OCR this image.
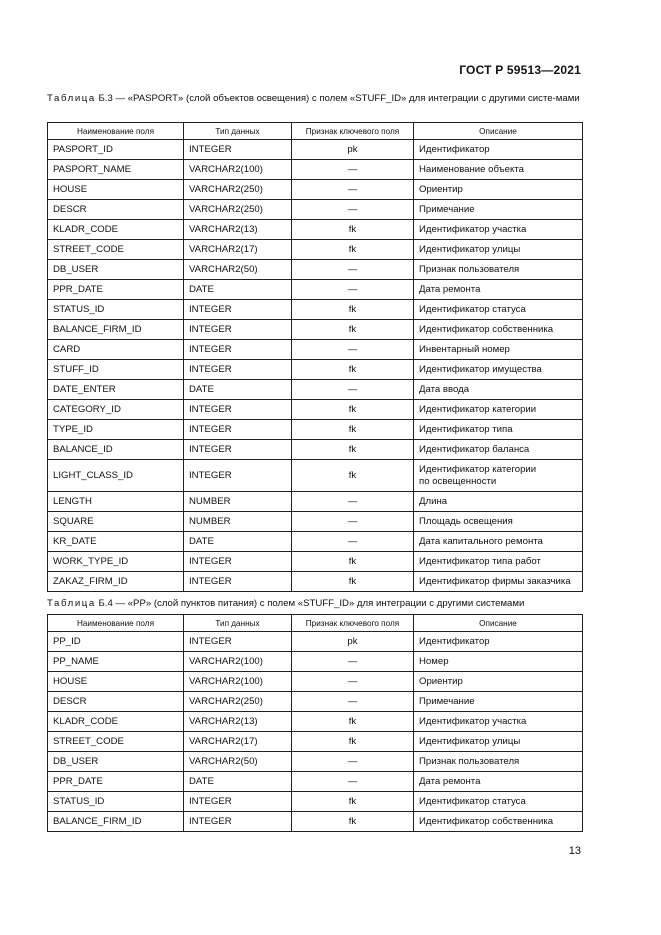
ГОСТ Р 59513—2021
Таблица Б.3 — «PASPORT» (слой объектов освещения) с полем «STUFF_ID» для интеграции с другими систе-мами
Наименование поля	Тип данных	Признак ключевого поля	Описание
PASPORT_ID	INTEGER	pk	Идентификатор
PASPORT_NAME	VARCHAR2(100)	—	Наименование объекта
HOUSE	VARCHAR2(250)	—	Ориентир
DESCR	VARCHAR2(250)	—	Примечание
KLADR_CODE	VARCHAR2(13)	fk	Идентификатор участка
STREET_CODE	VARCHAR2(17)	fk	Идентификатор улицы
DB_USER	VARCHAR2(50)	—	Признак пользователя
PPR_DATE	DATE	—	Дата ремонта
STATUS_ID	INTEGER	fk	Идентификатор статуса
BALANCE_FIRM_ID	INTEGER	fk	Идентификатор собственника
CARD	INTEGER	—	Инвентарный номер
STUFF_ID	INTEGER	fk	Идентификатор имущества
DATE_ENTER	DATE	—	Дата ввода
CATEGORY_ID	INTEGER	fk	Идентификатор категории
TYPE_ID	INTEGER	fk	Идентификатор типа
BALANCE_ID	INTEGER	fk	Идентификатор баланса
LIGHT_CLASS_ID	INTEGER	fk	Идентификатор категории
по освещенности
LENGTH	NUMBER	—	Длина
SQUARE	NUMBER	—	Площадь освещения
KR_DATE	DATE	—	Дата капитального ремонта
WORK_TYPE_ID	INTEGER	fk	Идентификатор типа работ
ZAKAZ_FIRM_ID	INTEGER	fk	Идентификатор фирмы заказчика
Таблица Б.4 — «PP» (слой пунктов питания) с полем «STUFF_ID» для интеграции с другими системами
Наименование поля	Тип данных	Признак ключевого поля	Описание
PP_ID	INTEGER	pk	Идентификатор
PP_NAME	VARCHAR2(100)	—	Номер
HOUSE	VARCHAR2(100)	—	Ориентир
DESCR	VARCHAR2(250)	—	Примечание
KLADR_CODE	VARCHAR2(13)	fk	Идентификатор участка
STREET_CODE	VARCHAR2(17)	fk	Идентификатор улицы
DB_USER	VARCHAR2(50)	—	Признак пользователя
PPR_DATE	DATE	—	Дата ремонта
STATUS_ID	INTEGER	fk	Идентификатор статуса
BALANCE_FIRM_ID	INTEGER	fk	Идентификатор собственника
13
